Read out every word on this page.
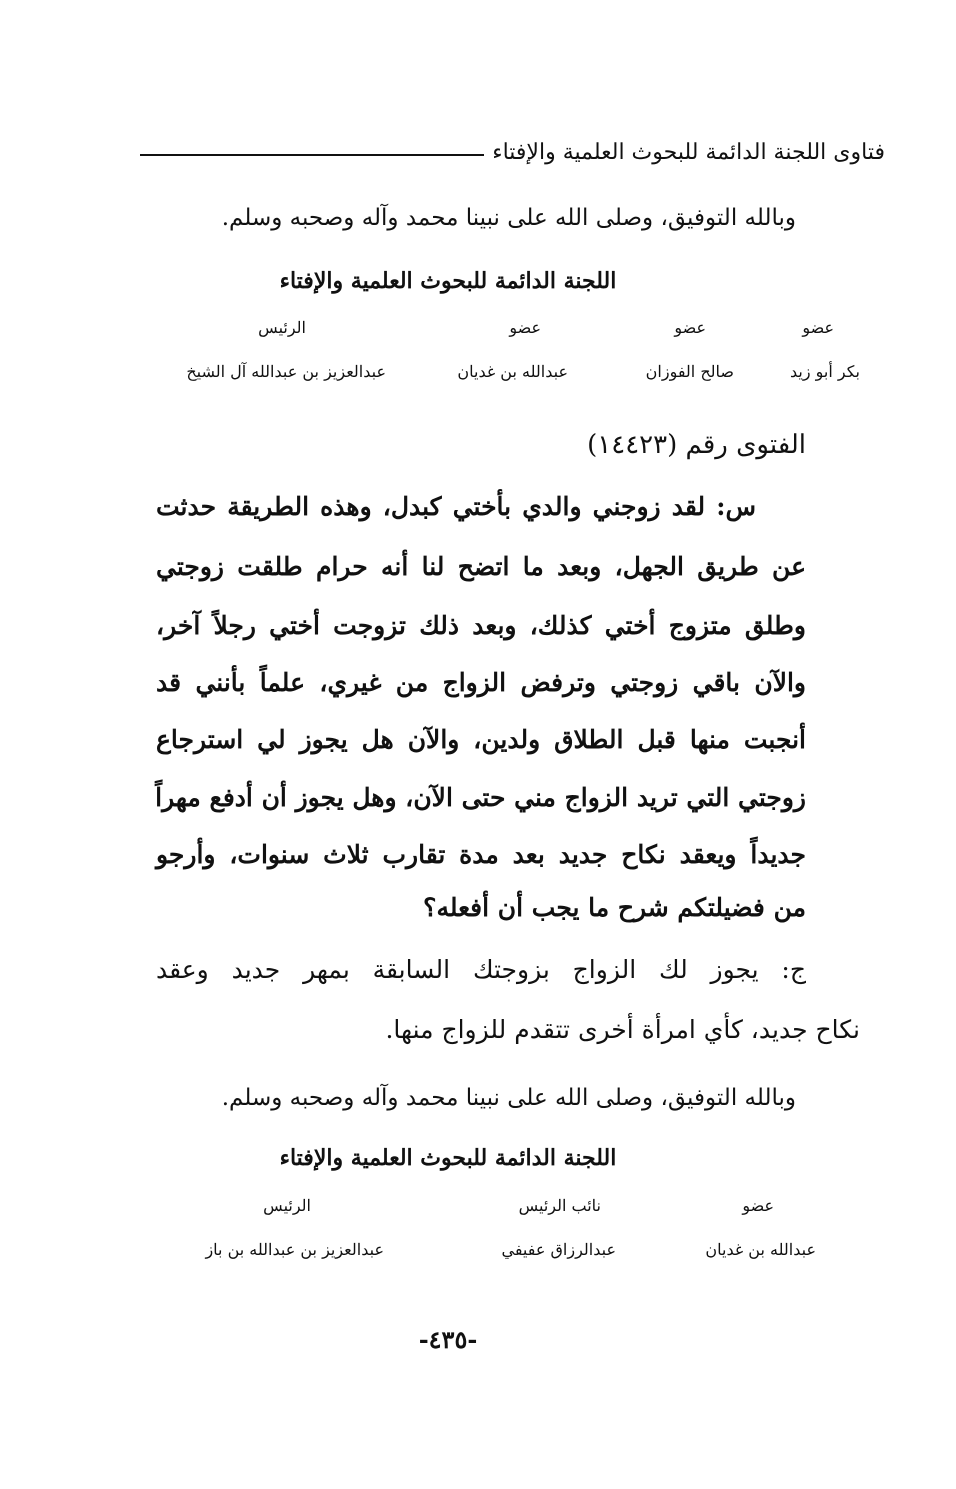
فتاوى اللجنة الدائمة للبحوث العلمية والإفتاء
وبالله التوفيق، وصلى الله على نبينا محمد وآله وصحبه وسلم.
اللجنة الدائمة للبحوث العلمية والإفتاء
عضو
عضو
عضو
الرئيس
بكر أبو زيد
صالح الفوزان
عبدالله بن غديان
عبدالعزيز بن عبدالله آل الشيخ
الفتوى رقم (١٤٤٢٣)
س: لقد زوجني والدي بأختي كبدل، وهذه الطريقة حدثت
عن طريق الجهل، وبعد ما اتضح لنا أنه حرام طلقت زوجتي
وطلق متزوج أختي كذلك، وبعد ذلك تزوجت أختي رجلاً آخر،
والآن باقي زوجتي وترفض الزواج من غيري، علماً بأنني قد
أنجبت منها قبل الطلاق ولدين، والآن هل يجوز لي استرجاع
زوجتي التي تريد الزواج مني حتى الآن، وهل يجوز أن أدفع مهراً
جديداً ويعقد نكاح جديد بعد مدة تقارب ثلاث سنوات، وأرجو
من فضيلتكم شرح ما يجب أن أفعله؟
ج: يجوز لك الزواج بزوجتك السابقة بمهر جديد وعقد
نكاح جديد، كأي امرأة أخرى تتقدم للزواج منها.
وبالله التوفيق، وصلى الله على نبينا محمد وآله وصحبه وسلم.
اللجنة الدائمة للبحوث العلمية والإفتاء
عضو
نائب الرئيس
الرئيس
عبدالله بن غديان
عبدالرزاق عفيفي
عبدالعزيز بن عبدالله بن باز
-٤٣٥-
